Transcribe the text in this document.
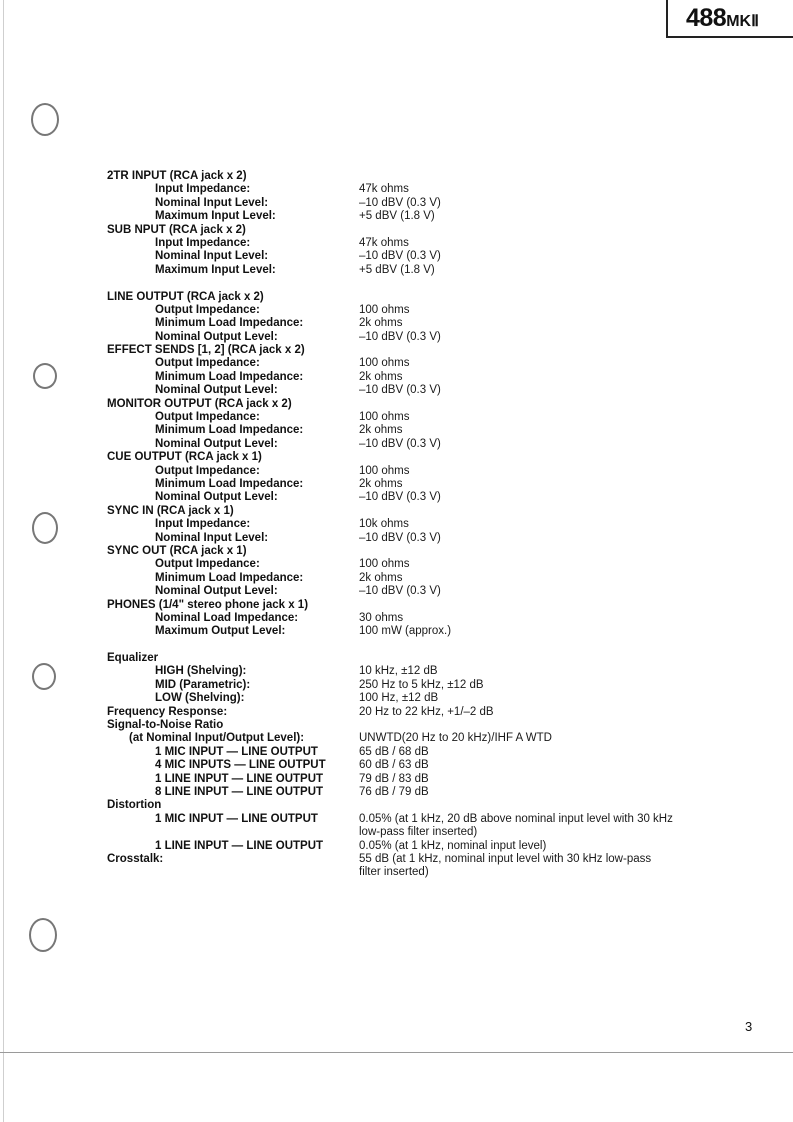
488MKⅡ
2TR INPUT (RCA jack x 2)
Input Impedance:	47k ohms
Nominal Input Level:	–10 dBV (0.3 V)
Maximum Input Level:	+5 dBV (1.8 V)
SUB NPUT (RCA jack x 2)
Input Impedance:	47k ohms
Nominal Input Level:	–10 dBV (0.3 V)
Maximum Input Level:	+5 dBV (1.8 V)
LINE OUTPUT (RCA jack x 2)
Output Impedance:	100 ohms
Minimum Load Impedance:	2k ohms
Nominal Output Level:	–10 dBV (0.3 V)
EFFECT SENDS [1, 2] (RCA jack x 2)
Output Impedance:	100 ohms
Minimum Load Impedance:	2k ohms
Nominal Output Level:	–10 dBV (0.3 V)
MONITOR OUTPUT (RCA jack x 2)
Output Impedance:	100 ohms
Minimum Load Impedance:	2k ohms
Nominal Output Level:	–10 dBV (0.3 V)
CUE OUTPUT (RCA jack x 1)
Output Impedance:	100 ohms
Minimum Load Impedance:	2k ohms
Nominal Output Level:	–10 dBV (0.3 V)
SYNC IN (RCA jack x 1)
Input Impedance:	10k ohms
Nominal Input Level:	–10 dBV (0.3 V)
SYNC OUT (RCA jack x 1)
Output Impedance:	100 ohms
Minimum Load Impedance:	2k ohms
Nominal Output Level:	–10 dBV (0.3 V)
PHONES (1/4" stereo phone jack x 1)
Nominal Load Impedance:	30 ohms
Maximum Output Level:	100 mW (approx.)
Equalizer
HIGH (Shelving):	10 kHz, ±12 dB
MID (Parametric):	250 Hz to 5 kHz, ±12 dB
LOW (Shelving):	100 Hz, ±12 dB
Frequency Response:	20 Hz to 22 kHz, +1/–2 dB
Signal-to-Noise Ratio
(at Nominal Input/Output Level):	UNWTD(20 Hz to 20 kHz)/IHF A WTD
1 MIC INPUT — LINE OUTPUT	65 dB / 68 dB
4 MIC INPUTS — LINE OUTPUT	60 dB / 63 dB
1 LINE INPUT — LINE OUTPUT	79 dB / 83 dB
8 LINE INPUT — LINE OUTPUT	76 dB / 79 dB
Distortion
1 MIC INPUT — LINE OUTPUT	0.05% (at 1 kHz, 20 dB above nominal input level with 30 kHz
low-pass filter inserted)
1 LINE INPUT — LINE OUTPUT	0.05% (at 1 kHz, nominal input level)
Crosstalk:	55 dB (at 1 kHz, nominal input level with 30 kHz low-pass
filter inserted)
3
